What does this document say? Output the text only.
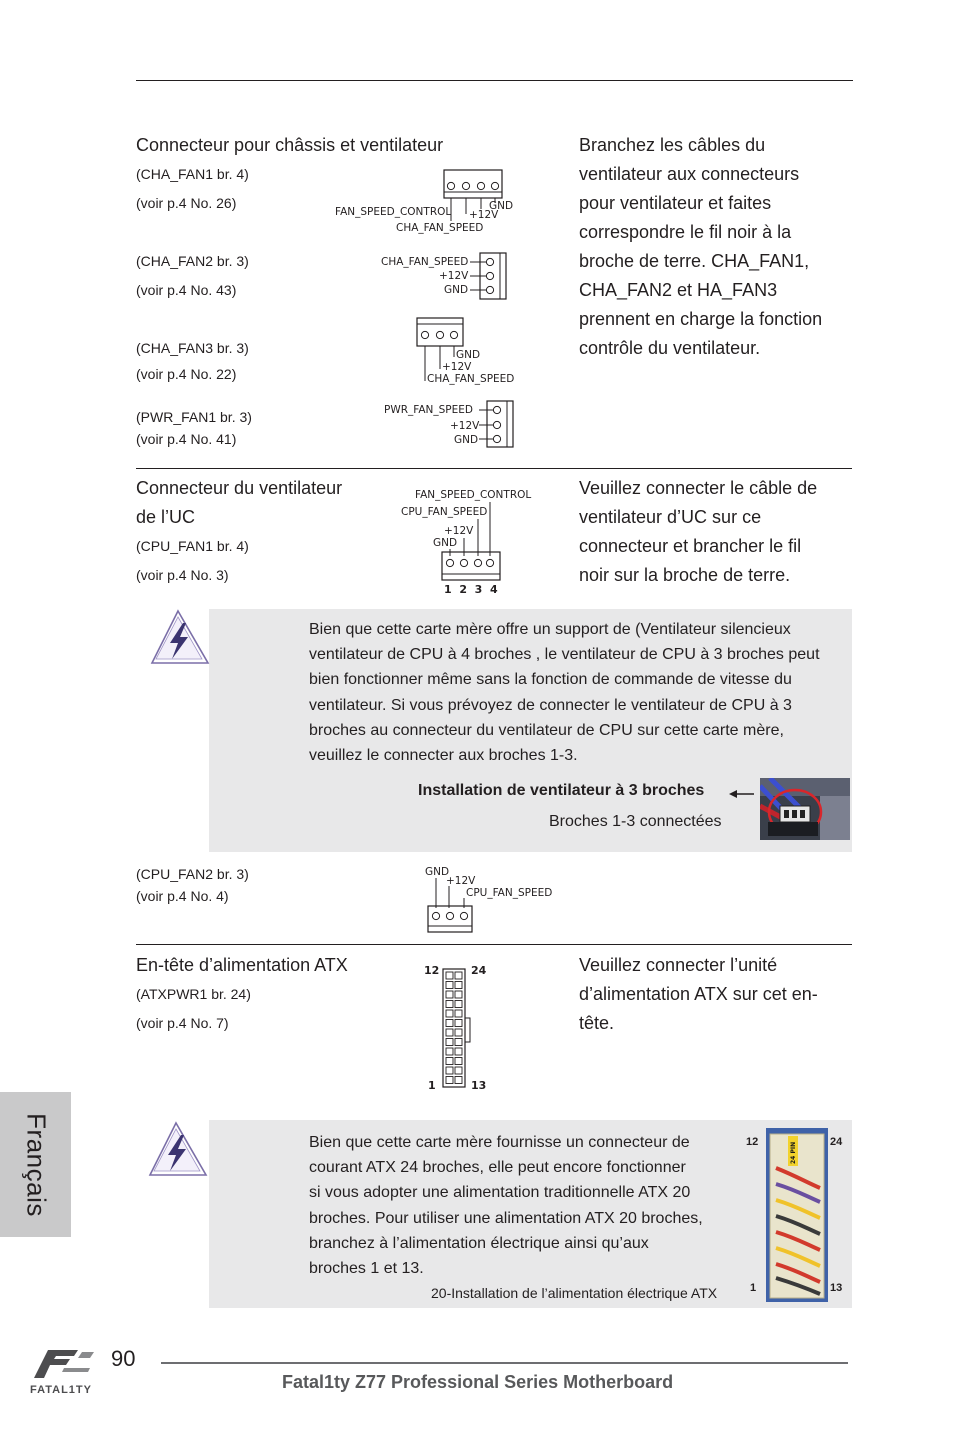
Connecteur pour châssis et ventilateur
(CHA_FAN1 br. 4)
(voir p.4 No. 26)
(CHA_FAN2 br. 3)
(voir p.4 No. 43)
(CHA_FAN3 br. 3)
(voir p.4 No. 22)
(PWR_FAN1 br. 3)
(voir p.4 No. 41)
Branchez les câbles du
ventilateur aux connecteurs
pour ventilateur et faites
correspondre le fil noir à la
broche de terre. CHA_FAN1,
CHA_FAN2 et HA_FAN3
prennent en charge la fonction
contrôle du ventilateur.
GND
+12V
FAN_SPEED_CONTROL
CHA_FAN_SPEED
CHA_FAN_SPEED
+12V
GND
GND
+12V
CHA_FAN_SPEED
PWR_FAN_SPEED
+12V
GND
Connecteur du ventilateur
de l’UC
(CPU_FAN1 br. 4)
(voir p.4 No. 3)
Veuillez connecter le câble de
ventilateur d’UC sur ce
connecteur et brancher le fil
noir sur la broche de terre.
FAN_SPEED_CONTROL
CPU_FAN_SPEED
+12V
GND
1  2  3  4
Bien que cette carte mère offre un support de (Ventilateur silencieux
ventilateur de CPU à 4 broches , le ventilateur de CPU à 3 broches peut
bien fonctionner même sans la fonction de commande de vitesse du
ventilateur. Si vous prévoyez de connecter le ventilateur de CPU à 3
broches au connecteur du ventilateur de CPU sur cette carte mère,
veuillez le connecter aux broches 1-3.
Installation de ventilateur à 3 broches
Broches 1-3 connectées
(CPU_FAN2 br. 3)
(voir p.4 No. 4)
GND
+12V
CPU_FAN_SPEED
En-tête d’alimentation ATX
(ATXPWR1 br. 24)
(voir p.4 No. 7)
Veuillez connecter l’unité
d’alimentation ATX sur cet en-
tête.
12	24
1	13
Bien que cette carte mère fournisse un connecteur de
courant ATX 24 broches, elle peut encore fonctionner
si vous adopter une alimentation traditionnelle ATX 20
broches. Pour utiliser une alimentation ATX 20 broches,
branchez à l’alimentation électrique ainsi qu’aux
broches 1 et 13.
20-Installation de l’alimentation électrique ATX
12	24
1	13
24 PIN
Français
90
Fatal1ty Z77 Professional Series Motherboard
FATAL1TY
